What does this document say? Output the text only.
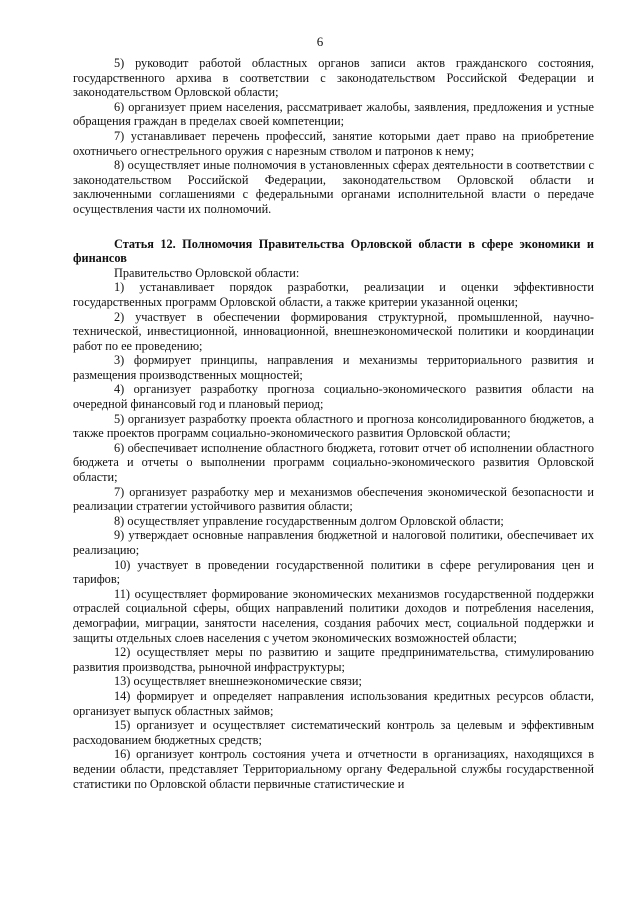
6

5) руководит работой областных органов записи актов гражданского состояния, государственного архива в соответствии с законодательством Российской Федерации и законодательством Орловской области;

6) организует прием населения, рассматривает жалобы, заявления, предложения и устные обращения граждан в пределах своей компетенции;

7) устанавливает перечень профессий, занятие которыми дает право на приобретение охотничьего огнестрельного оружия с нарезным стволом и патронов к нему;

8) осуществляет иные полномочия в установленных сферах деятельности в соответствии с законодательством Российской Федерации, законодательством Орловской области и заключенными соглашениями с федеральными органами исполнительной власти о передаче осуществления части их полномочий.

Статья 12. Полномочия Правительства Орловской области в сфере экономики и финансов

Правительство Орловской области:

1) устанавливает порядок разработки, реализации и оценки эффективности государственных программ Орловской области, а также критерии указанной оценки;

2) участвует в обеспечении формирования структурной, промышленной, научно-технической, инвестиционной, инновационной, внешнеэкономической политики и координации работ по ее проведению;

3) формирует принципы, направления и механизмы территориального развития и размещения производственных мощностей;

4) организует разработку прогноза социально-экономического развития области на очередной финансовый год и плановый период;

5) организует разработку проекта областного и прогноза консолидированного бюджетов, а также проектов программ социально-экономического развития Орловской области;

6) обеспечивает исполнение областного бюджета, готовит отчет об исполнении областного бюджета и отчеты о выполнении программ социально-экономического развития Орловской области;

7) организует разработку мер и механизмов обеспечения экономической безопасности и реализации стратегии устойчивого развития области;

8) осуществляет управление государственным долгом Орловской области;

9) утверждает основные направления бюджетной и налоговой политики, обеспечивает их реализацию;

10) участвует в проведении государственной политики в сфере регулирования цен и тарифов;

11) осуществляет формирование экономических механизмов государственной поддержки отраслей социальной сферы, общих направлений политики доходов и потребления населения, демографии, миграции, занятости населения, создания рабочих мест, социальной поддержки и защиты отдельных слоев населения с учетом экономических возможностей области;

12) осуществляет меры по развитию и защите предпринимательства, стимулированию развития производства, рыночной инфраструктуры;

13) осуществляет внешнеэкономические связи;

14) формирует и определяет направления использования кредитных ресурсов области, организует выпуск областных займов;

15) организует и осуществляет систематический контроль за целевым и эффективным расходованием бюджетных средств;

16) организует контроль состояния учета и отчетности в организациях, находящихся в ведении области, представляет Территориальному органу Федеральной службы государственной статистики по Орловской области первичные статистические и
